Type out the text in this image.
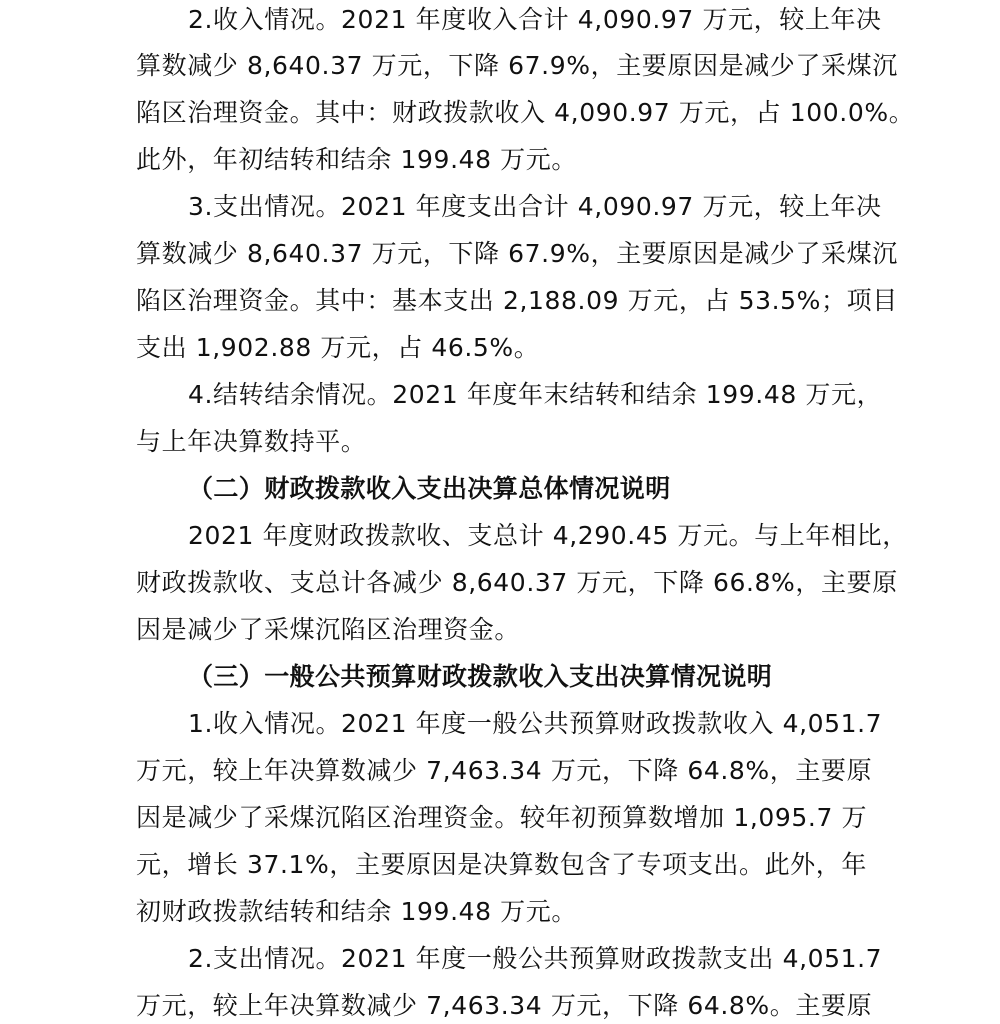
2.收入情况。2021 年度收入合计 4,090.97 万元，较上年决
算数减少 8,640.37 万元，下降 67.9%，主要原因是减少了采煤沉
陷区治理资金。其中：财政拨款收入 4,090.97 万元，占 100.0%。
此外，年初结转和结余 199.48 万元。
3.支出情况。2021 年度支出合计 4,090.97 万元，较上年决
算数减少 8,640.37 万元，下降 67.9%，主要原因是减少了采煤沉
陷区治理资金。其中：基本支出 2,188.09 万元，占 53.5%；项目
支出 1,902.88 万元，占 46.5%。
4.结转结余情况。2021 年度年末结转和结余 199.48 万元，
与上年决算数持平。
（二）财政拨款收入支出决算总体情况说明
2021 年度财政拨款收、支总计 4,290.45 万元。与上年相比，
财政拨款收、支总计各减少 8,640.37 万元，下降 66.8%，主要原
因是减少了采煤沉陷区治理资金。
（三）一般公共预算财政拨款收入支出决算情况说明
1.收入情况。2021 年度一般公共预算财政拨款收入 4,051.7
万元，较上年决算数减少 7,463.34 万元，下降 64.8%，主要原
因是减少了采煤沉陷区治理资金。较年初预算数增加 1,095.7 万
元，增长 37.1%，主要原因是决算数包含了专项支出。此外，年
初财政拨款结转和结余 199.48 万元。
2.支出情况。2021 年度一般公共预算财政拨款支出 4,051.7
万元，较上年决算数减少 7,463.34 万元，下降 64.8%。主要原
